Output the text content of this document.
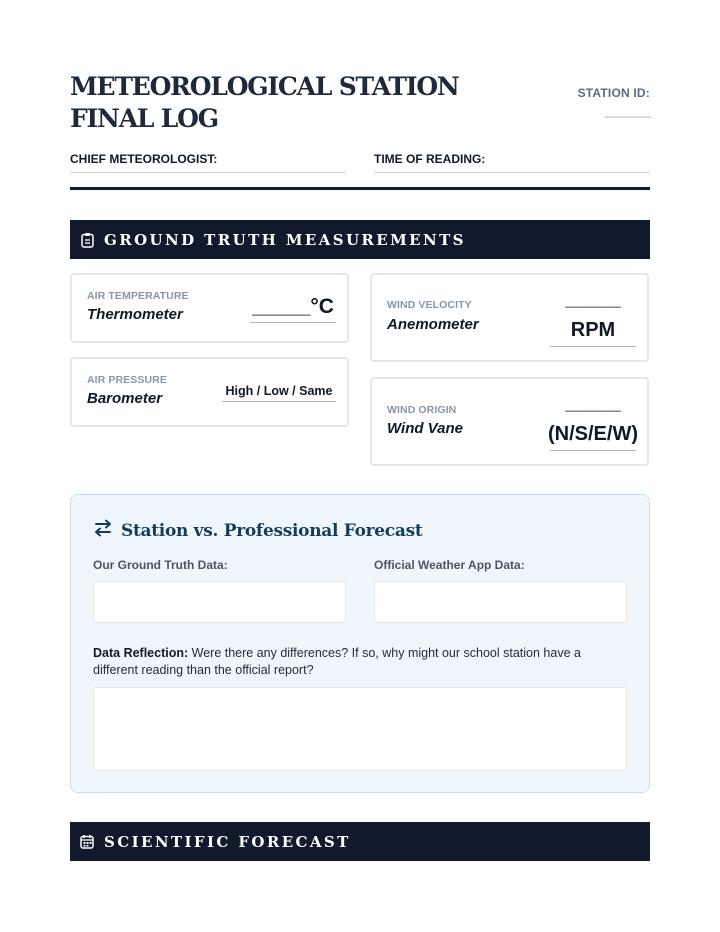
METEOROLOGICAL STATION FINAL LOG
STATION ID:
________
CHIEF METEOROLOGIST:	TIME OF READING:
GROUND TRUTH MEASUREMENTS
AIR TEMPERATURE
Thermometer	_____°C
AIR PRESSURE
Barometer	High / Low / Same
WIND VELOCITY
Anemometer
_____
RPM
WIND ORIGIN
Wind Vane
_____
(N/S/E/W)
Station vs. Professional Forecast
Our Ground Truth Data:	Official Weather App Data:
Data Reflection: Were there any differences? If so, why might our school station have a different reading than the official report?
SCIENTIFIC FORECAST
